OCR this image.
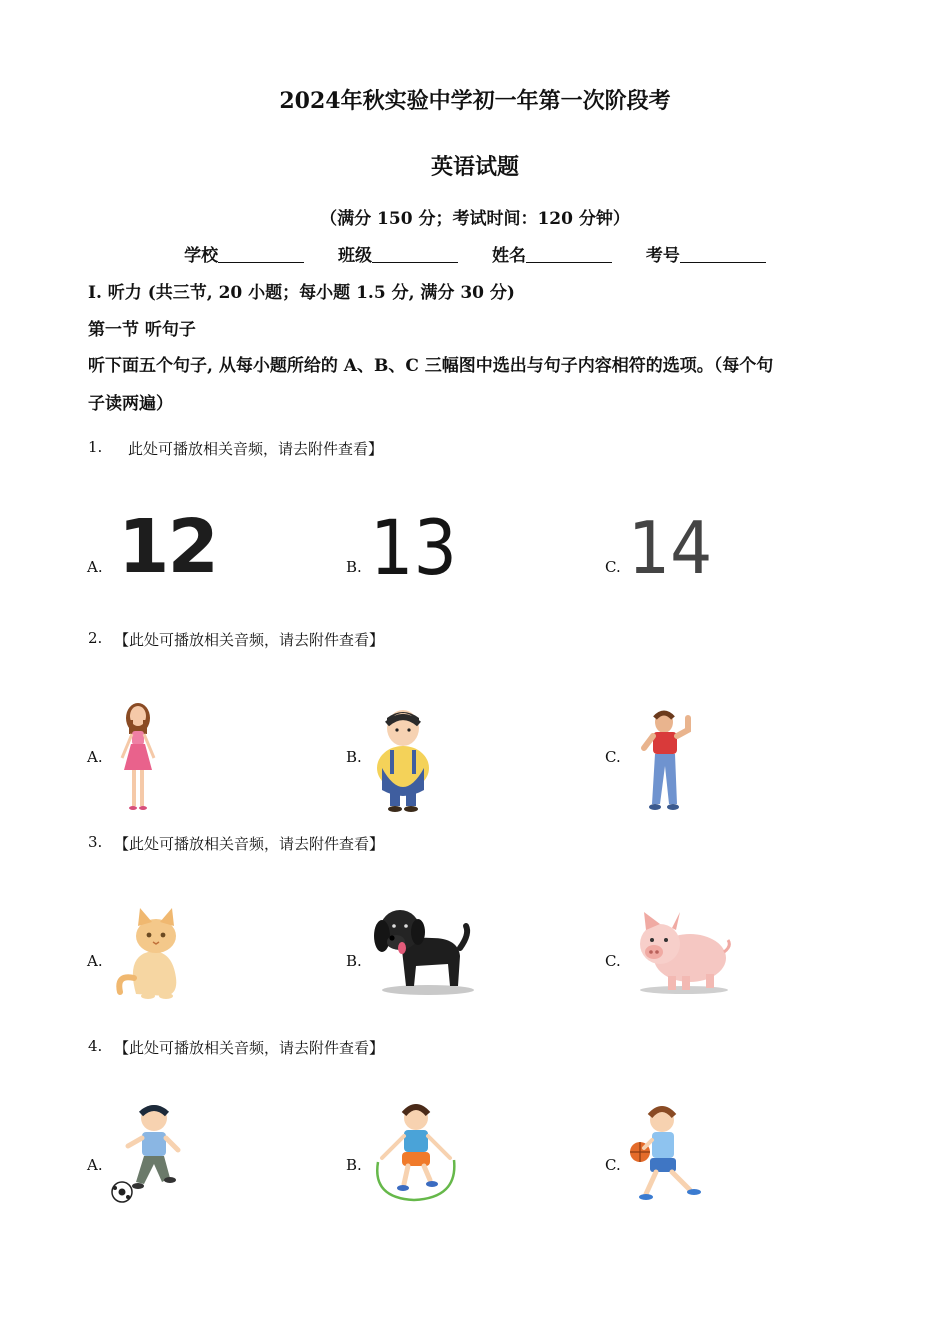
2024年秋实验中学初一年第一次阶段考
英语试题
（满分 150 分；考试时间：120 分钟）
学校	班级	姓名	考号
Ⅰ. 听力 (共三节, 20 小题；每小题 1.5 分, 满分 30 分)
第一节 听句子
听下面五个句子, 从每小题所给的 A、B、C 三幅图中选出与句子内容相符的选项。（每个句
子读两遍）
1. 此处可播放相关音频，请去附件查看】
A. 12	B. 13	C. 14
2. 【此处可播放相关音频，请去附件查看】
A.	B.	C.
3. 【此处可播放相关音频，请去附件查看】
A.	B.	C.
4. 【此处可播放相关音频，请去附件查看】
A.	B.	C.
